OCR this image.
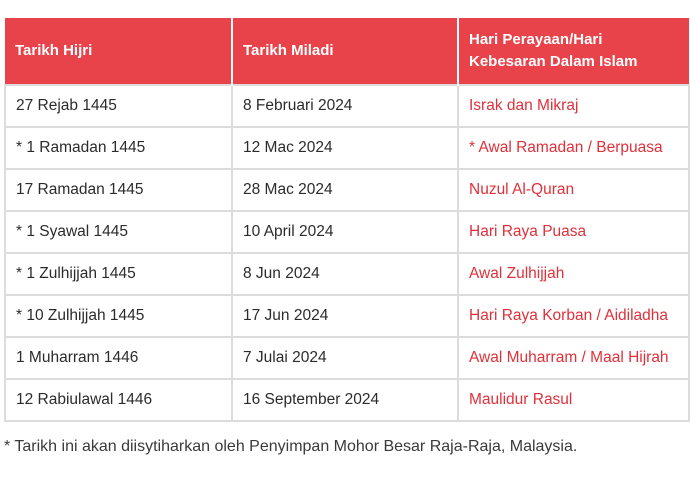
Tarikh Hijri	Tarikh Miladi	Hari Perayaan/Hari
Kebesaran Dalam Islam
27 Rejab 1445	8 Februari 2024	Israk dan Mikraj
* 1 Ramadan 1445	12 Mac 2024	* Awal Ramadan / Berpuasa
17 Ramadan 1445	28 Mac 2024	Nuzul Al-Quran
* 1 Syawal 1445	10 April 2024	Hari Raya Puasa
* 1 Zulhijjah 1445	8 Jun 2024	Awal Zulhijjah
* 10 Zulhijjah 1445	17 Jun 2024	Hari Raya Korban / Aidiladha
1 Muharram 1446	7 Julai 2024	Awal Muharram / Maal Hijrah
12 Rabiulawal 1446	16 September 2024	Maulidur Rasul
* Tarikh ini akan diisytiharkan oleh Penyimpan Mohor Besar Raja-Raja, Malaysia.
